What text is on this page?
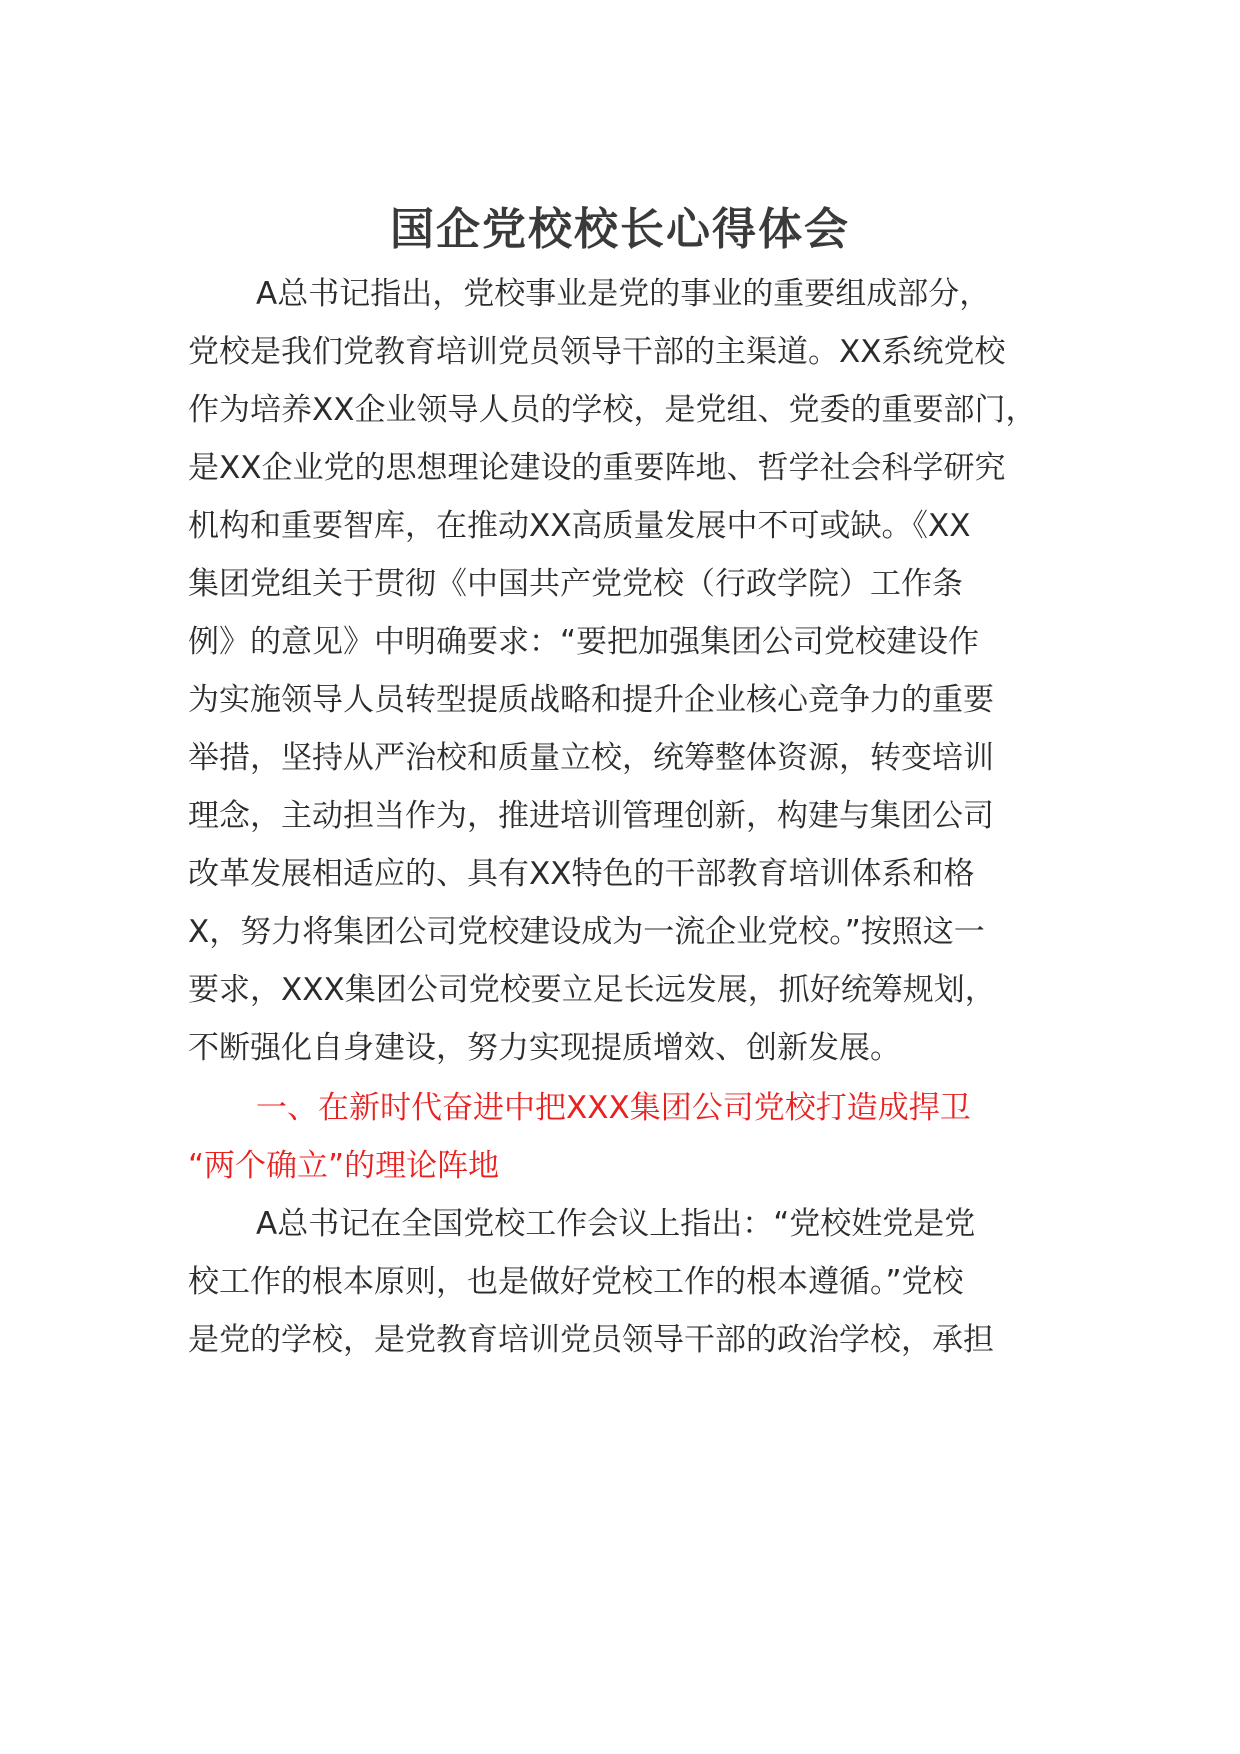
国企党校校长心得体会
A总书记指出，党校事业是党的事业的重要组成部分，
党校是我们党教育培训党员领导干部的主渠道。XX系统党校
作为培养XX企业领导人员的学校，是党组、党委的重要部门，
是XX企业党的思想理论建设的重要阵地、哲学社会科学研究
机构和重要智库，在推动XX高质量发展中不可或缺。《XX
集团党组关于贯彻《中国共产党党校（行政学院）工作条
例》的意见》中明确要求：“要把加强集团公司党校建设作
为实施领导人员转型提质战略和提升企业核心竞争力的重要
举措，坚持从严治校和质量立校，统筹整体资源，转变培训
理念，主动担当作为，推进培训管理创新，构建与集团公司
改革发展相适应的、具有XX特色的干部教育培训体系和格
X，努力将集团公司党校建设成为一流企业党校。”按照这一
要求，XXX集团公司党校要立足长远发展，抓好统筹规划，
不断强化自身建设，努力实现提质增效、创新发展。
一、在新时代奋进中把XXX集团公司党校打造成捍卫
“两个确立”的理论阵地
A总书记在全国党校工作会议上指出：“党校姓党是党
校工作的根本原则，也是做好党校工作的根本遵循。”党校
是党的学校，是党教育培训党员领导干部的政治学校，承担
